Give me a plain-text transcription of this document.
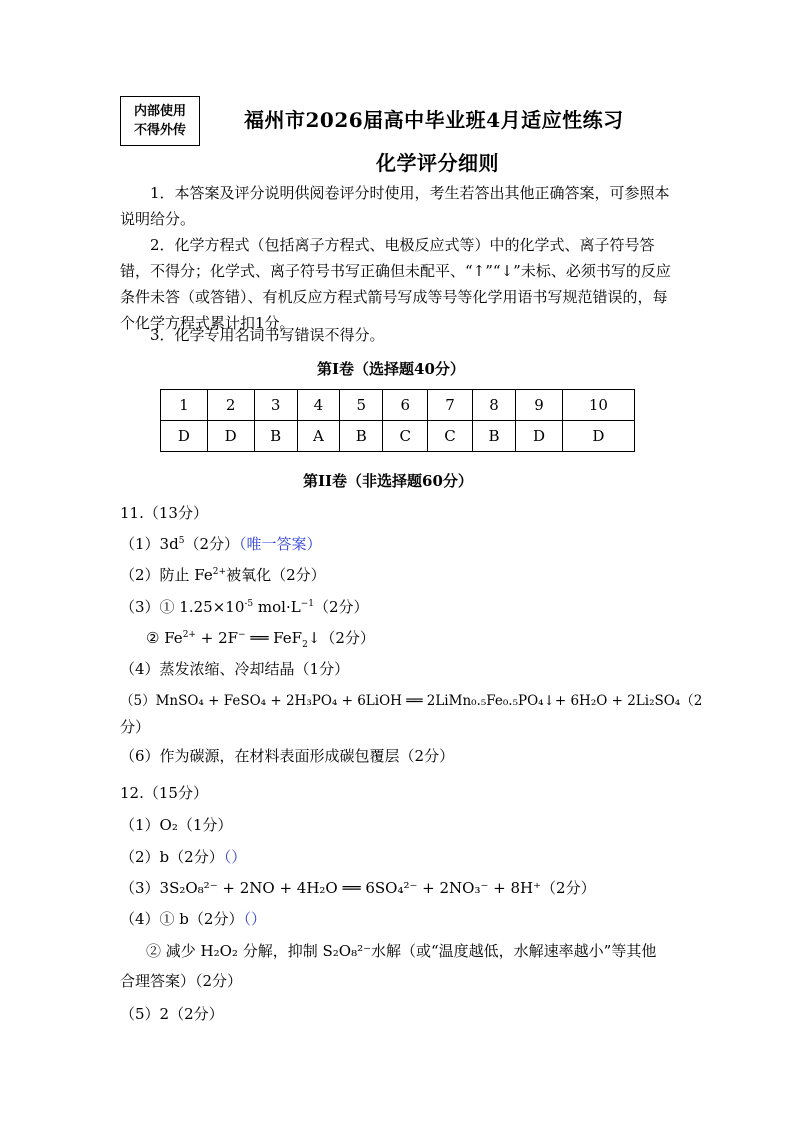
内部使用
不得外传	福州市2026届高中毕业班4月适应性练习
化学评分细则
1．本答案及评分说明供阅卷评分时使用，考生若答出其他正确答案，可参照本说明给分。
2．化学方程式（包括离子方程式、电极反应式等）中的化学式、离子符号答错，不得分；化学式、离子符号书写正确但未配平、“↑”“↓”未标、必须书写的反应条件未答（或答错）、有机反应方程式箭号写成等号等化学用语书写规范错误的，每个化学方程式累计扣1分。
3．化学专用名词书写错误不得分。
第I卷（选择题40分）
1	2	3	4	5	6	7	8	9	10
D	D	B	A	B	C	C	B	D	D
第II卷（非选择题60分）
11.（13分）
$(1)3d^5(2$分）（唯一答案）
（2）防止 $Fe^{2+}$被氧化（2分）
（3）① $1.25\times 10^{-5}$ $mol\cdot L^{-1}(2$分）
② $Fe^{2+} + 2F^-$ ══ FeF$_2$↓（2分）
（4）蒸发浓缩、冷却结晶（1分）
（5）MnSO₄ + FeSO₄ + 2H₃PO₄ + 6LiOH ══ 2LiMn₀.₅Fe₀.₅PO₄↓+ 6H₂O + 2Li₂SO₄（2
分）
（6）作为碳源，在材料表面形成碳包覆层（2分）
12.（15分）
（1）O₂（1分）
（2）b（2分）（）
（3）3S₂O₈²⁻ + 2NO + 4H₂O ══ 6SO₄²⁻ + 2NO₃⁻ + 8H⁺（2分）
（4）① b（2分）（）
② 减少 H₂O₂ 分解，抑制 S₂O₈²⁻水解（或“温度越低，水解速率越小”等其他
合理答案）（2分）
（5）2（2分）
